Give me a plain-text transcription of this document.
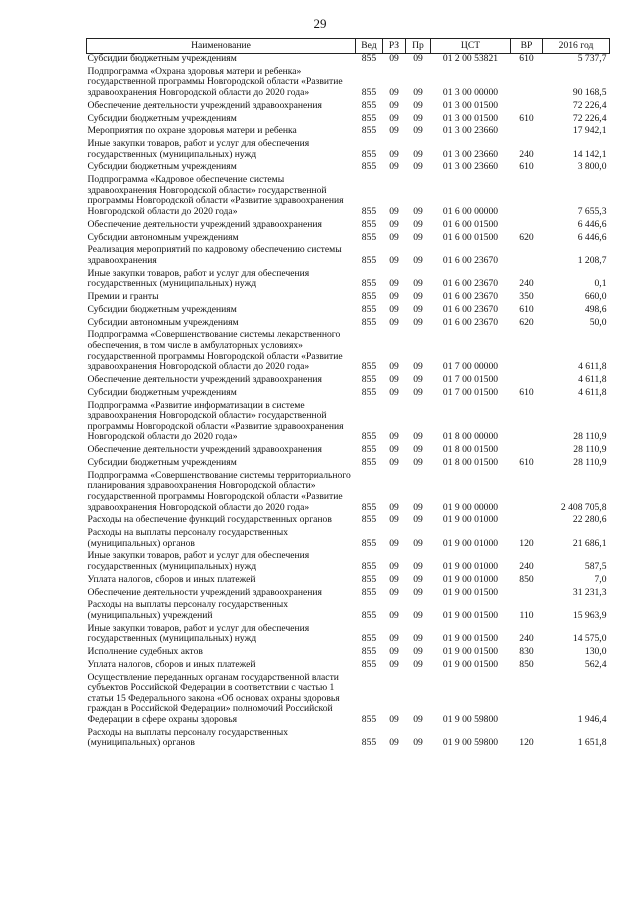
29
Наименование	Вед	РЗ	Пр	ЦСТ	ВР	2016 год
Субсидии бюджетным учреждениям	855	09	09	01 2 00 53821	610	5 737,7
Подпрограмма «Охрана здоровья матери и ребенка» государственной программы Новгородской области «Развитие здравоохранения Новгородской области до 2020 года»	855	09	09	01 3 00 00000		90 168,5
Обеспечение деятельности учреждений здравоохранения	855	09	09	01 3 00 01500		72 226,4
Субсидии бюджетным учреждениям	855	09	09	01 3 00 01500	610	72 226,4
Мероприятия по охране здоровья матери и ребенка	855	09	09	01 3 00 23660		17 942,1
Иные закупки товаров, работ и услуг для обеспечения государственных (муниципальных) нужд	855	09	09	01 3 00 23660	240	14 142,1
Субсидии бюджетным учреждениям	855	09	09	01 3 00 23660	610	3 800,0
Подпрограмма «Кадровое обеспечение системы здравоохранения Новгородской области» государственной программы Новгородской области «Развитие здравоохранения Новгородской области до 2020 года»	855	09	09	01 6 00 00000		7 655,3
Обеспечение деятельности учреждений здравоохранения	855	09	09	01 6 00 01500		6 446,6
Субсидии автономным учреждениям	855	09	09	01 6 00 01500	620	6 446,6
Реализация мероприятий по кадровому обеспечению системы здравоохранения	855	09	09	01 6 00 23670		1 208,7
Иные закупки товаров, работ и услуг для обеспечения государственных (муниципальных) нужд	855	09	09	01 6 00 23670	240	0,1
Премии и гранты	855	09	09	01 6 00 23670	350	660,0
Субсидии бюджетным учреждениям	855	09	09	01 6 00 23670	610	498,6
Субсидии автономным учреждениям	855	09	09	01 6 00 23670	620	50,0
Подпрограмма «Совершенствование системы лекарственного обеспечения, в том числе в амбулаторных условиях» государственной программы Новгородской области «Развитие здравоохранения Новгородской области до 2020 года»	855	09	09	01 7 00 00000		4 611,8
Обеспечение деятельности учреждений здравоохранения	855	09	09	01 7 00 01500		4 611,8
Субсидии бюджетным учреждениям	855	09	09	01 7 00 01500	610	4 611,8
Подпрограмма «Развитие информатизации в системе здравоохранения Новгородской области» государственной программы Новгородской области «Развитие здравоохранения Новгородской области до 2020 года»	855	09	09	01 8 00 00000		28 110,9
Обеспечение деятельности учреждений здравоохранения	855	09	09	01 8 00 01500		28 110,9
Субсидии бюджетным учреждениям	855	09	09	01 8 00 01500	610	28 110,9
Подпрограмма «Совершенствование системы территориального планирования здравоохранения Новгородской области» государственной программы Новгородской области «Развитие здравоохранения Новгородской области до 2020 года»	855	09	09	01 9 00 00000		2 408 705,8
Расходы на обеспечение функций государственных органов	855	09	09	01 9 00 01000		22 280,6
Расходы на выплаты персоналу государственных (муниципальных) органов	855	09	09	01 9 00 01000	120	21 686,1
Иные закупки товаров, работ и услуг для обеспечения государственных (муниципальных) нужд	855	09	09	01 9 00 01000	240	587,5
Уплата налогов, сборов и иных платежей	855	09	09	01 9 00 01000	850	7,0
Обеспечение деятельности учреждений здравоохранения	855	09	09	01 9 00 01500		31 231,3
Расходы на выплаты персоналу государственных (муниципальных) учреждений	855	09	09	01 9 00 01500	110	15 963,9
Иные закупки товаров, работ и услуг для обеспечения государственных (муниципальных) нужд	855	09	09	01 9 00 01500	240	14 575,0
Исполнение судебных актов	855	09	09	01 9 00 01500	830	130,0
Уплата налогов, сборов и иных платежей	855	09	09	01 9 00 01500	850	562,4
Осуществление переданных органам государственной власти субъектов Российской Федерации в соответствии с частью 1 статьи 15 Федерального закона «Об основах охраны здоровья граждан в Российской Федерации» полномочий Российской Федерации в сфере охраны здоровья	855	09	09	01 9 00 59800		1 946,4
Расходы на выплаты персоналу государственных (муниципальных) органов	855	09	09	01 9 00 59800	120	1 651,8
